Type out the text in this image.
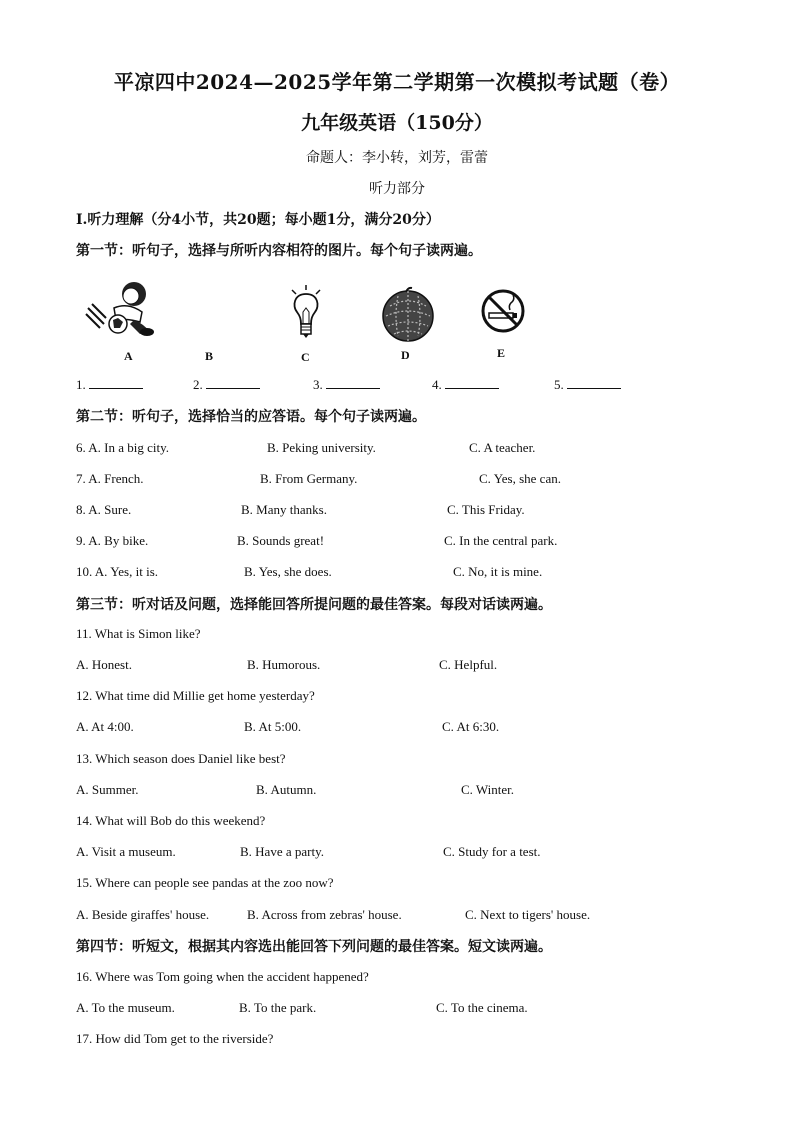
平凉四中2024—2025学年第二学期第一次模拟考试题（卷）
九年级英语（150分）
命题人：李小转，刘芳，雷蕾
听力部分
I.听力理解（分4小节，共20题；每小题1分，满分20分）
第一节：听句子，选择与所听内容相符的图片。每个句子读两遍。
A	B	C	D	E
1.	2.	3.	4.	5.
第二节：听句子，选择恰当的应答语。每个句子读两遍。
6. A. In a big city.	B. Peking university.	C. A teacher.
7. A. French.	B. From Germany.	C. Yes, she can.
8. A. Sure.	B. Many thanks.	C. This Friday.
9. A. By bike.	B. Sounds great!	C. In the central park.
10. A. Yes, it is.	B. Yes, she does.	C. No, it is mine.
第三节：听对话及问题，选择能回答所提问题的最佳答案。每段对话读两遍。
11. What is Simon like?
A. Honest.	B. Humorous.	C. Helpful.
12. What time did Millie get home yesterday?
A. At 4:00.	B. At 5:00.	C. At 6:30.
13. Which season does Daniel like best?
A. Summer.	B. Autumn.	C. Winter.
14. What will Bob do this weekend?
A. Visit a museum.	B. Have a party.	C. Study for a test.
15. Where can people see pandas at the zoo now?
A. Beside giraffes' house.	B. Across from zebras' house.	C. Next to tigers' house.
第四节：听短文，根据其内容选出能回答下列问题的最佳答案。短文读两遍。
16. Where was Tom going when the accident happened?
A. To the museum.	B. To the park.	C. To the cinema.
17. How did Tom get to the riverside?
